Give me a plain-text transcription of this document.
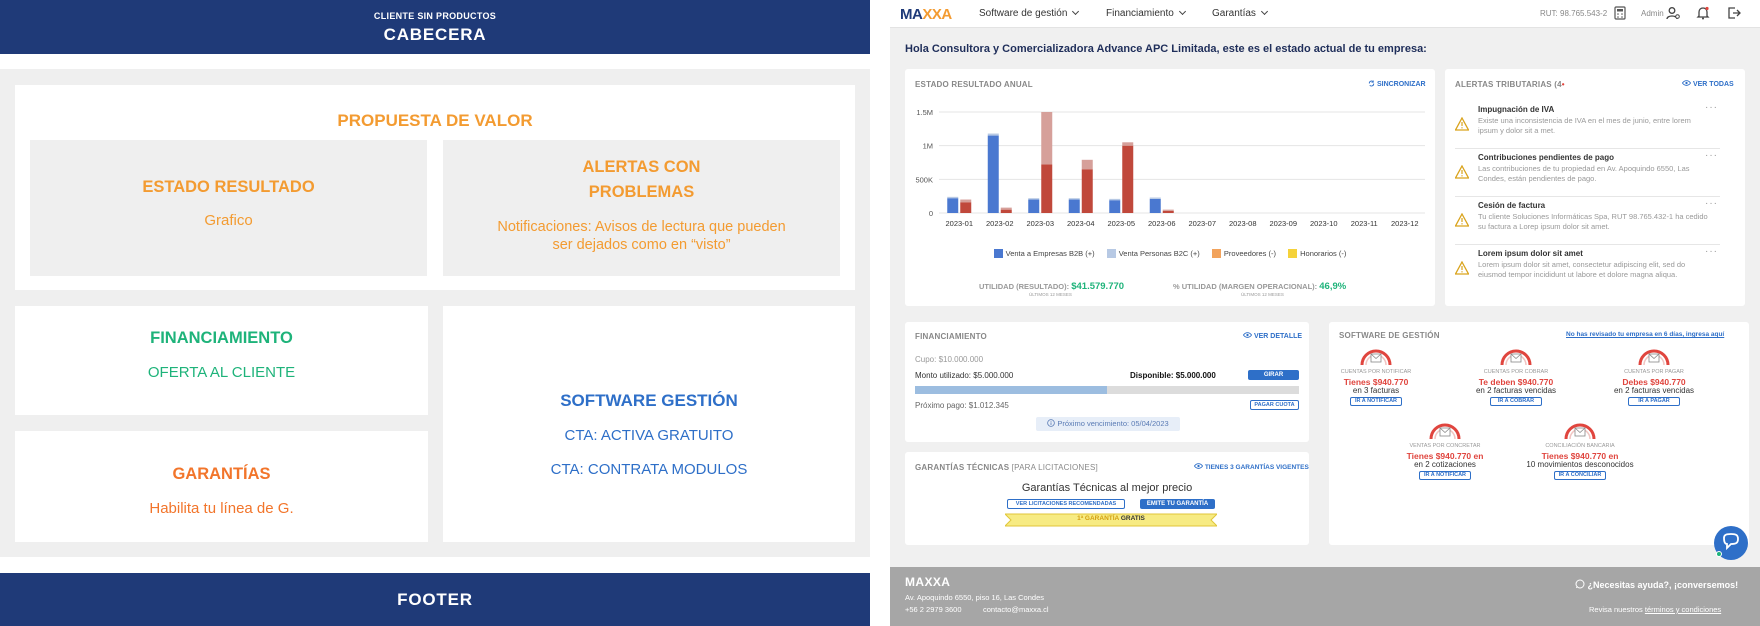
CLIENTE SIN PRODUCTOS
CABECERA
PROPUESTA DE VALOR
ESTADO RESULTADO
Grafico
ALERTAS CON
PROBLEMAS
Notificaciones: Avisos de lectura que pueden
ser dejados como en “visto”
FINANCIAMIENTO
OFERTA AL CLIENTE
GARANTÍAS
Habilita tu línea de G.
SOFTWARE GESTIÓN
CTA: ACTIVA GRATUITO
CTA: CONTRATA MODULOS
FOOTER
MAXXA	Software de gestión	Financiamiento	Garantías	RUT: 98.765.543-2	Admin
Hola Consultora y Comercializadora Advance APC Limitada, este es el estado actual de tu empresa:
ESTADO RESULTADO ANUAL	SINCRONIZAR
0
500K
1M
1.5M
2023-01 2023-02 2023-03 2023-04 2023-05 2023-06 2023-07 2023-08 2023-09 2023-10 2023-11 2023-12
Venta a Empresas B2B (+)	Venta Personas B2C (+)	Proveedores (-)	Honorarios (-)
UTILIDAD (RESULTADO): $41.579.770
ÚLTIMOS 12 MESES
% UTILIDAD (MARGEN OPERACIONAL): 46,9%
ÚLTIMOS 12 MESES
ALERTAS TRIBUTARIAS (4•	VER TODAS
Impugnación de IVA
Existe una inconsistencia de IVA en el mes de junio, entre lorem ipsum y dolor sit a met.
···
Contribuciones pendientes de pago
Las contribuciones de tu propiedad en Av. Apoquindo 6550, Las Condes, están pendientes de pago.
···
Cesión de factura
Tu cliente Soluciones Informáticas Spa, RUT 98.765.432-1 ha cedido su factura a Lorep ipsum dolor sit amet.
···
Lorem ipsum dolor sit amet
Lorem ipsum dolor sit amet, consectetur adipiscing elit, sed do eiusmod tempor incididunt ut labore et dolore magna aliqua.
···
FINANCIAMIENTO	VER DETALLE
Cupo: $10.000.000
Monto utilizado: $5.000.000	Disponible: $5.000.000	GIRAR
Próximo pago: $1.012.345	PAGAR CUOTA
Próximo vencimiento: 05/04/2023
GARANTÍAS TÉCNICAS [PARA LICITACIONES]	TIENES 3 GARANTÍAS VIGENTES
Garantías Técnicas al mejor precio
VER LICITACIONES RECOMENDADAS	EMITE TU GARANTÍA
1ª GARANTÍA GRATIS
SOFTWARE DE GESTIÓN	No has revisado tu empresa en 6 días, ingresa aquí
CUENTAS POR NOTIFICAR
Tienes $940.770
en 3 facturas
IR A NOTIFICAR
CUENTAS POR COBRAR
Te deben $940.770
en 2 facturas vencidas
IR A COBRAR
CUENTAS POR PAGAR
Debes $940.770
en 2 facturas vencidas
IR A PAGAR
VENTAS POR CONCRETAR
Tienes $940.770 en
en 2 cotizaciones
IR A NOTIFICAR
CONCILIACIÓN BANCARIA
Tienes $940.770 en
10 movimientos desconocidos
IR A CONCILIAR
MAXXA
Av. Apoquindo 6550, piso 16, Las Condes
+56 2 2979 3600	contacto@maxxa.cl
¿Necesitas ayuda?, ¡conversemos!
Revisa nuestros términos y condiciones
